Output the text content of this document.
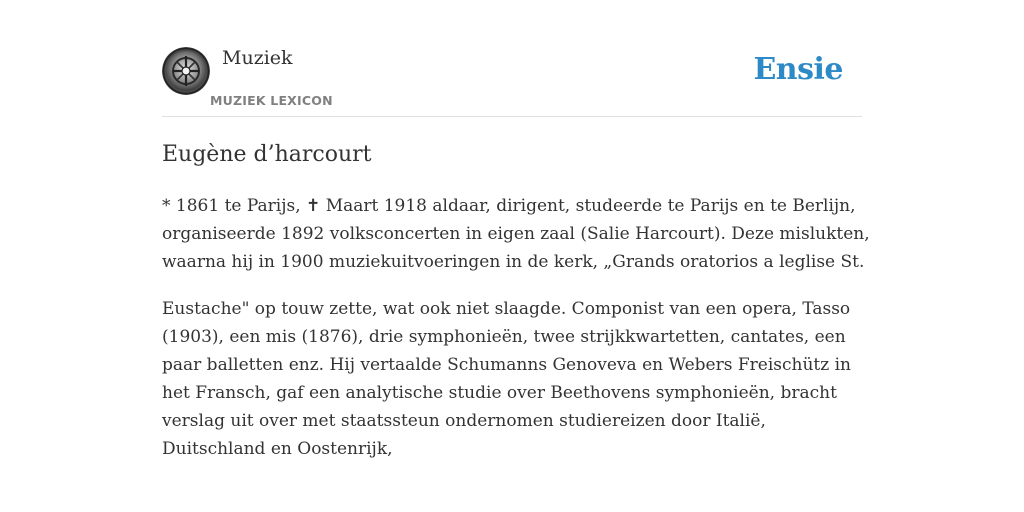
Muziek
MUZIEK LEXICON
Ensie
Eugène d’harcourt

* 1861 te Parijs, ✝ Maart 1918 aldaar, dirigent, studeerde te Parijs en te Berlijn,
organiseerde 1892 volksconcerten in eigen zaal (Salie Harcourt). Deze mislukten,
waarna hij in 1900 muziekuitvoeringen in de kerk, „Grands oratorios a leglise St.

Eustache" op touw zette, wat ook niet slaagde. Componist van een opera, Tasso
(1903), een mis (1876), drie symphonieën, twee strijkkwartetten, cantates, een
paar balletten enz. Hij vertaalde Schumanns Genoveva en Webers Freischütz in
het Fransch, gaf een analytische studie over Beethovens symphonieën, bracht
verslag uit over met staatssteun ondernomen studiereizen door Italië,
Duitschland en Oostenrijk,
